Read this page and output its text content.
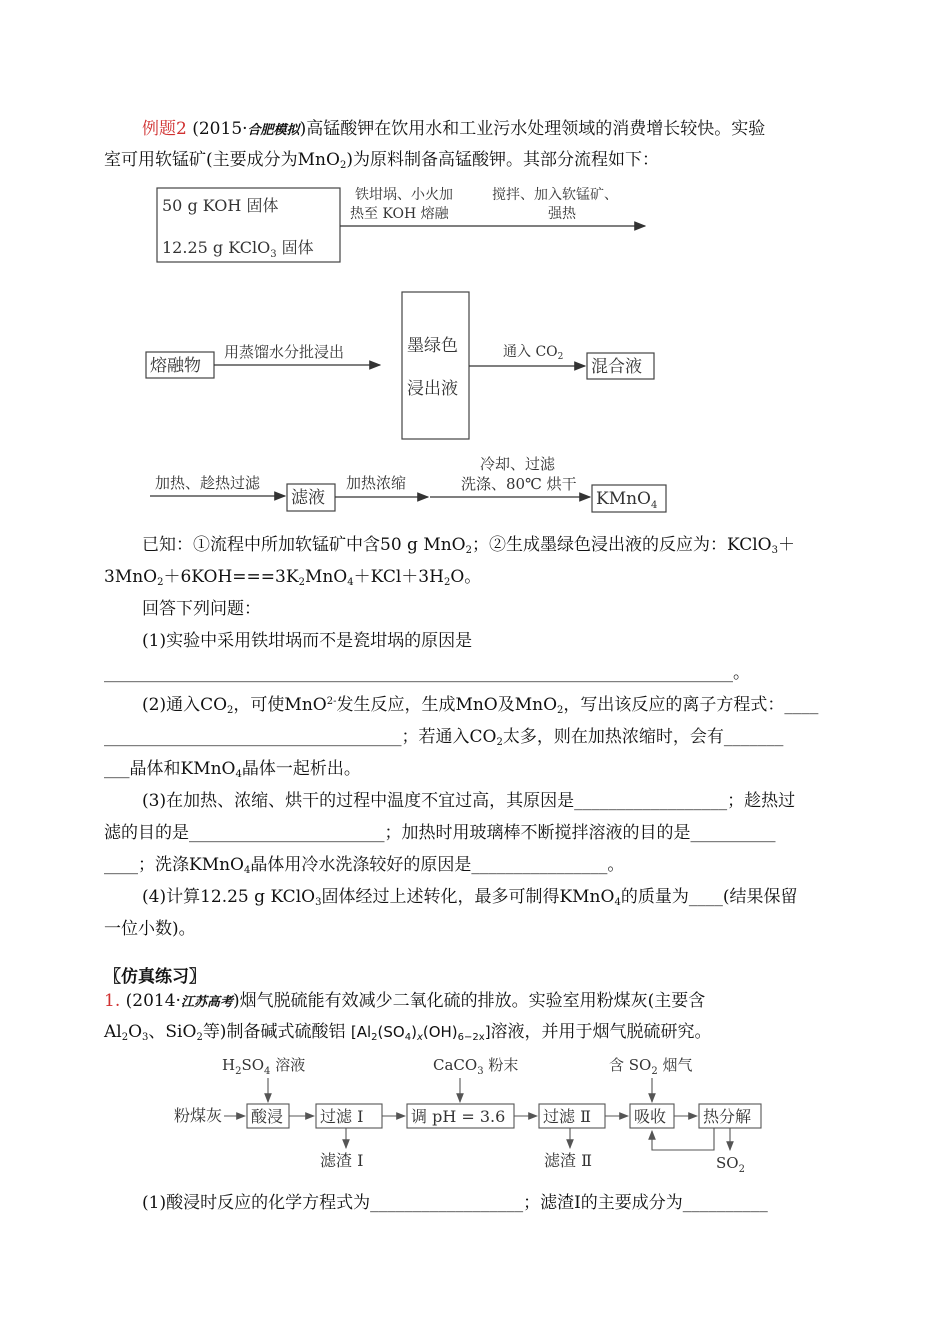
例题2 (2015·合肥模拟)高锰酸钾在饮用水和工业污水处理领域的消费增长较快。实验
室可用软锰矿(主要成分为MnO$_2$)为原料制备高锰酸钾。其部分流程如下：
50 g KOH 固体
12.25 g KClO$_3$ 固体
铁坩埚、小火加
热至 KOH 熔融
搅拌、加入软锰矿、
强热
熔融物
用蒸馏水分批浸出	墨绿色
浸出液
通入 $CO_2$ 混合液
加热、趁热过滤
滤液
加热浓缩
冷却、过滤
洗涤、80℃ 烘干
KMnO$_4$
已知：①流程中所加软锰矿中含50 g MnO$_2$；②生成墨绿色浸出液的反应为：KClO$_3$＋
$3MnO_2+6KOH===3K_2MnO_4+KCl+3H_2O$。
回答下列问题：
(1)实验中采用铁坩埚而不是瓷坩埚的原因是
__________________________________________________________________________。
(2)通入$CO_2$，可使MnO$^{2-}$发生反应，生成MnO及MnO$_2$，写出该反应的离子方程式：____
___________________________________；若通入$CO_2$太多，则在加热浓缩时，会有_______
___晶体和KMnO$_4$晶体一起析出。
(3)在加热、浓缩、烘干的过程中温度不宜过高，其原因是__________________；趁热过
滤的目的是_______________________；加热时用玻璃棒不断搅拌溶液的目的是__________
____；洗涤KMnO$_4$晶体用冷水洗涤较好的原因是________________。
(4)计算12.25 g KClO$_3$固体经过上述转化，最多可制得KMnO$_4$的质量为____(结果保留
一位小数)。
〖仿真练习〗
1. (2014·江苏高考)烟气脱硫能有效减少二氧化硫的排放。实验室用粉煤灰(主要含
$Al_2O_3$、SiO$_2$等)制备碱式硫酸铝 $[Al_2(SO_4)_x(OH)_{6-2x}]$溶液，并用于烟气脱硫研究。
$H_2SO_4$ 溶液	CaCO$_3$ 粉末	含 $SO_2$ 烟气
粉煤灰 酸浸 过滤 Ⅰ	调 pH = 3.6 过滤 Ⅱ	吸收 热分解
滤渣 Ⅰ	滤渣 Ⅱ	$SO_2$
(1)酸浸时反应的化学方程式为__________________；滤渣Ⅰ的主要成分为__________
